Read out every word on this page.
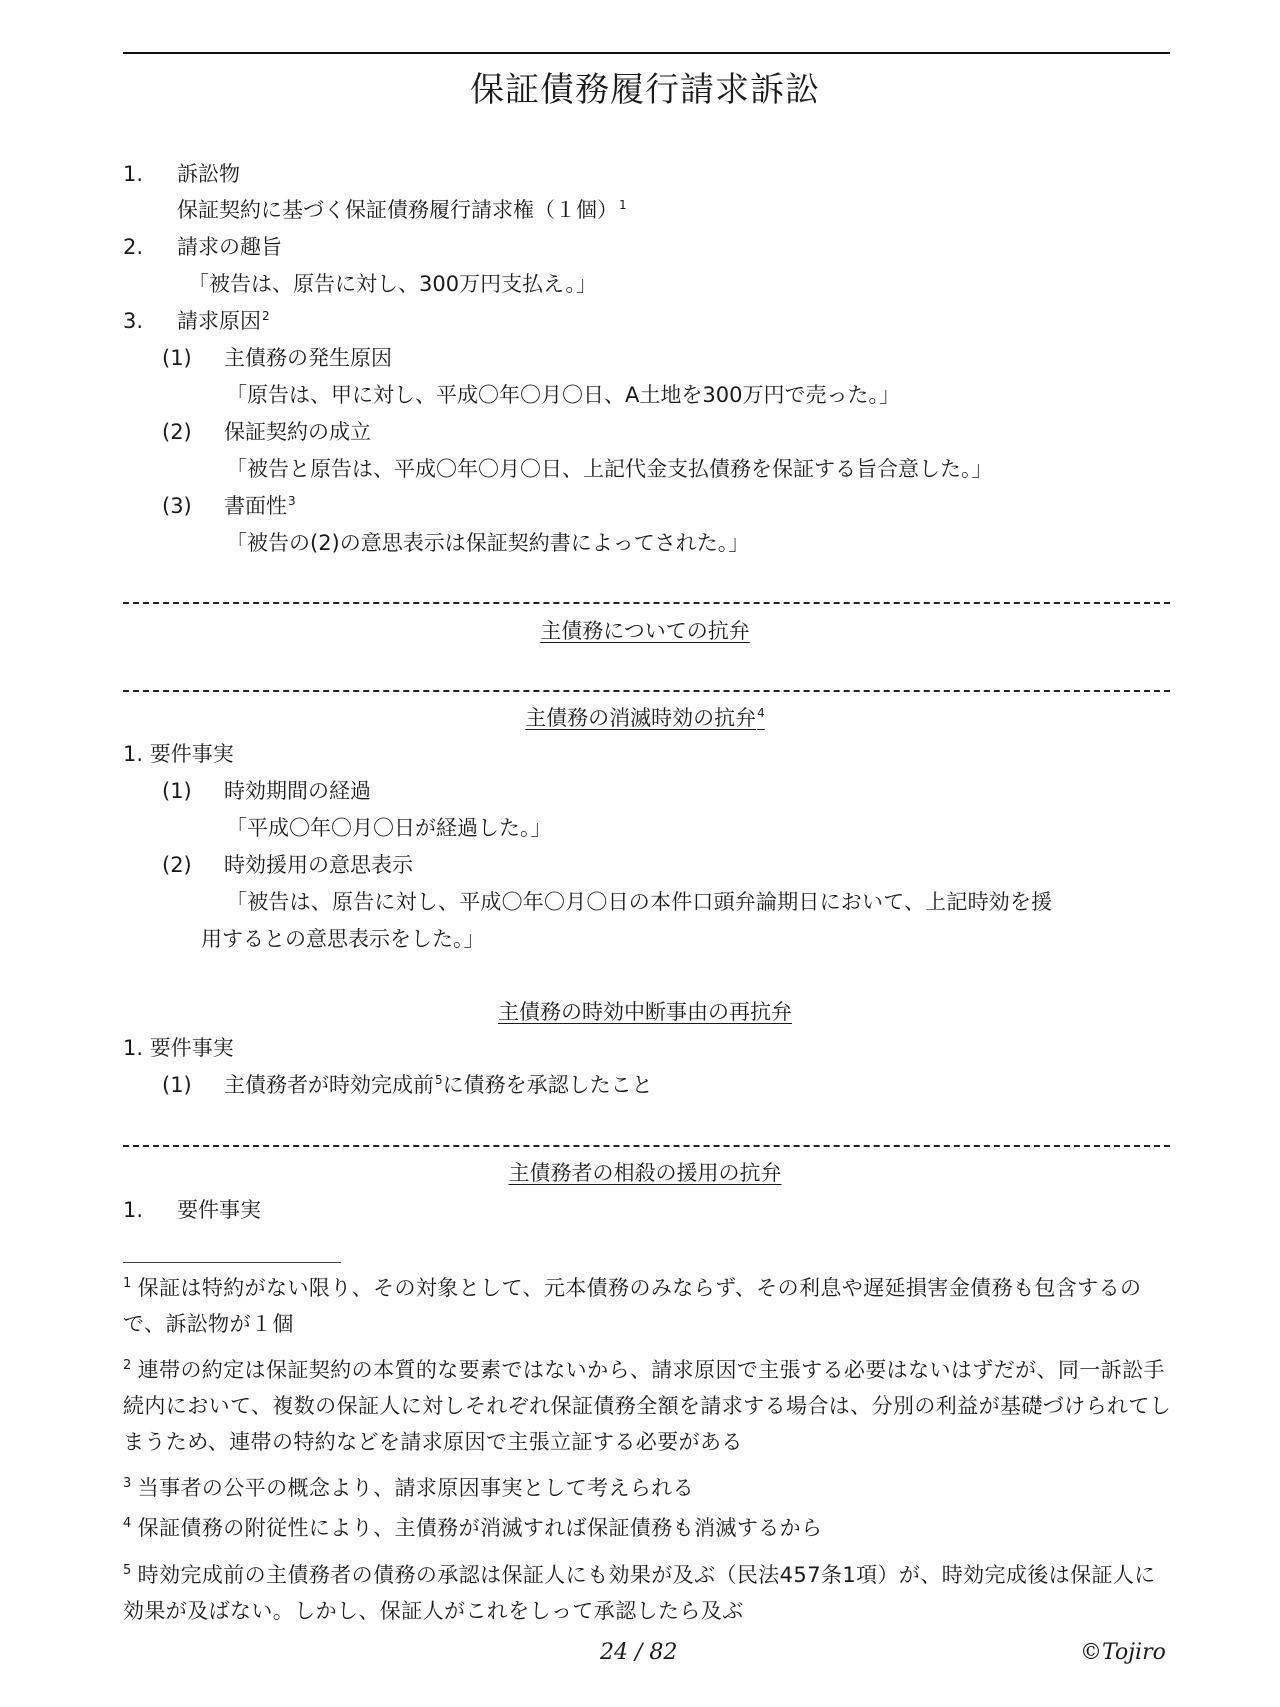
保証債務履行請求訴訟
1. 訴訟物
保証契約に基づく保証債務履行請求権（１個）$^1$
2. 請求の趣旨
「被告は、原告に対し、300万円支払え。」
3. 請求原因$^2$
(1) 主債務の発生原因
「原告は、甲に対し、平成〇年〇月〇日、A土地を300万円で売った。」
(2) 保証契約の成立
「被告と原告は、平成〇年〇月〇日、上記代金支払債務を保証する旨合意した。」
(3) 書面性$^3$
「被告の(2)の意思表示は保証契約書によってされた。」
主債務についての抗弁
主債務の消滅時効の抗弁$^4$
1. 要件事実
(1) 時効期間の経過
「平成〇年〇月〇日が経過した。」
(2) 時効援用の意思表示
「被告は、原告に対し、平成〇年〇月〇日の本件口頭弁論期日において、上記時効を援
用するとの意思表示をした。」
主債務の時効中断事由の再抗弁
1. 要件事実
(1) 主債務者が時効完成前$^5$に債務を承認したこと
主債務者の相殺の援用の抗弁
1. 要件事実
$^1$ 保証は特約がない限り、その対象として、元本債務のみならず、その利息や遅延損害金債務も包含するので、訴訟物が１個
$^2$ 連帯の約定は保証契約の本質的な要素ではないから、請求原因で主張する必要はないはずだが、同一訴訟手続内において、複数の保証人に対しそれぞれ保証債務全額を請求する場合は、分別の利益が基礎づけられてしまうため、連帯の特約などを請求原因で主張立証する必要がある
$^3$ 当事者の公平の概念より、請求原因事実として考えられる
$^4$ 保証債務の附従性により、主債務が消滅すれば保証債務も消滅するから
$^5$ 時効完成前の主債務者の債務の承認は保証人にも効果が及ぶ（民法457条1項）が、時効完成後は保証人に効果が及ばない。しかし、保証人がこれをしって承認したら及ぶ
24 / 82	©Tojiro
